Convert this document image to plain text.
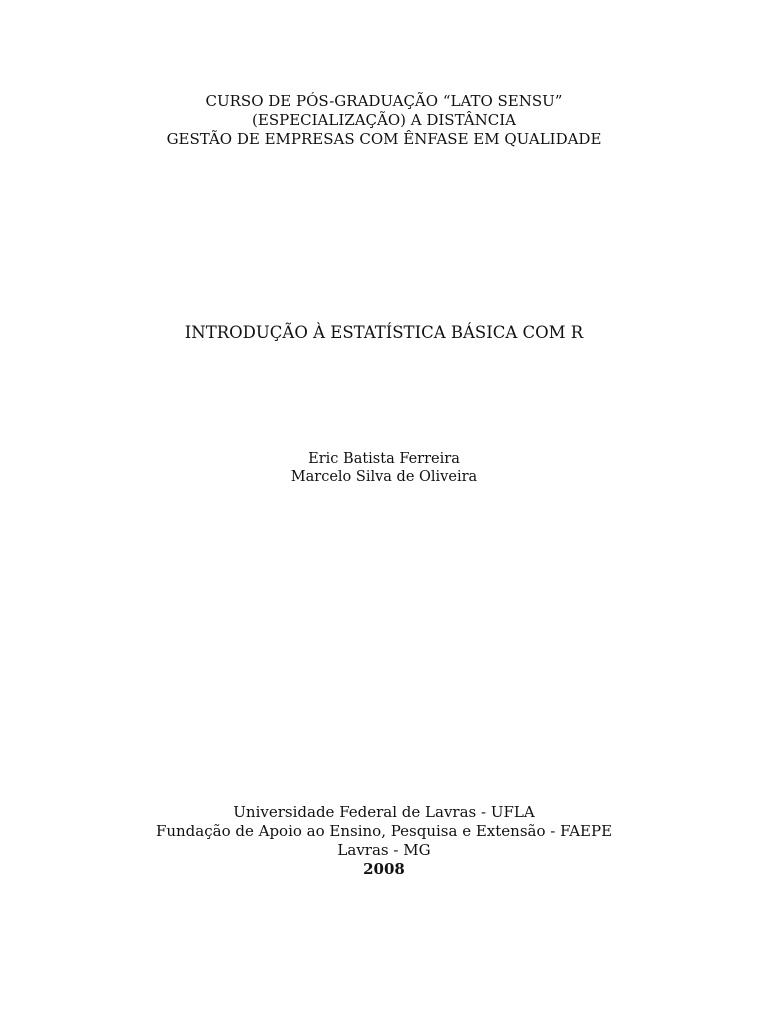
CURSO DE PÓS-GRADUAÇÃO “LATO SENSU”
(ESPECIALIZAÇÃO) A DISTÂNCIA
GESTÃO DE EMPRESAS COM ÊNFASE EM QUALIDADE
INTRODUÇÃO À ESTATÍSTICA BÁSICA COM R
Eric Batista Ferreira
Marcelo Silva de Oliveira
Universidade Federal de Lavras - UFLA
Fundação de Apoio ao Ensino, Pesquisa e Extensão - FAEPE
Lavras - MG
2008
